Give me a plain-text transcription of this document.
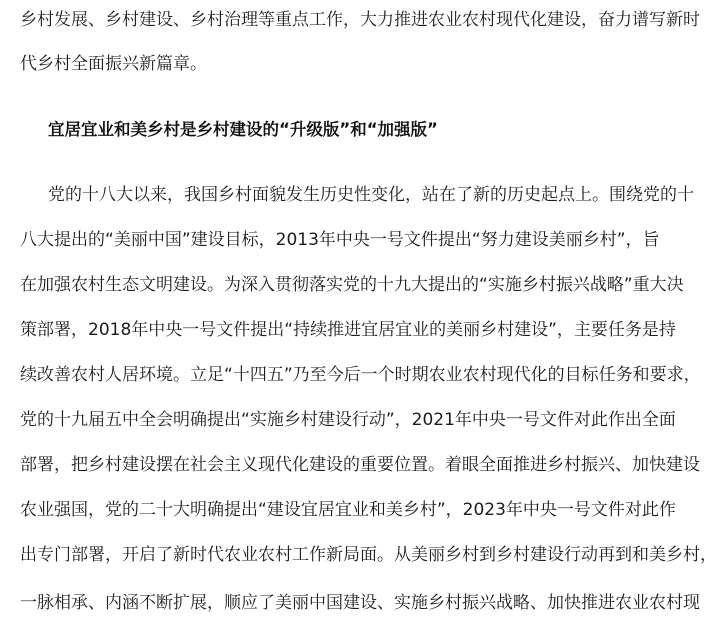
乡 村 发 展 、 乡 村 建 设 、 乡 村 治 理 等 重 点 工 作 ， 大 力 推 进 农 业 农 村 现 代 化 建 设 ， 奋 力 谱 写 新 时
代乡村全面振兴新篇章。
宜居宜业和美乡村是乡村建设的“升级版”和“加强版”
党 的 十 八 大 以 来 ， 我 国 乡 村 面 貌 发 生 历 史 性 变 化 ， 站 在 了 新 的 历 史 起 点 上 。 围 绕 党 的 十
八 大 提 出 的 “ 美 丽 中 国 ” 建 设 目 标 ， 2013 年 中 央 一 号 文 件 提 出 “ 努 力 建 设 美 丽 乡 村 ” ， 旨
在 加 强 农 村 生 态 文 明 建 设 。 为 深 入 贯 彻 落 实 党 的 十 九 大 提 出 的 “ 实 施 乡 村 振 兴 战 略 ” 重 大 决
策 部 署 ， 2018 年 中 央 一 号 文 件 提 出 “ 持 续 推 进 宜 居 宜 业 的 美 丽 乡 村 建 设 ” ， 主 要 任 务 是 持
续 改 善 农 村 人 居 环 境 。 立 足 “ 十 四 五 ” 乃 至 今 后 一 个 时 期 农 业 农 村 现 代 化 的 目 标 任 务 和 要 求 ，
党 的 十 九 届 五 中 全 会 明 确 提 出 “ 实 施 乡 村 建 设 行 动 ” ， 2021 年 中 央 一 号 文 件 对 此 作 出 全 面
部 署 ， 把 乡 村 建 设 摆 在 社 会 主 义 现 代 化 建 设 的 重 要 位 置 。 着 眼 全 面 推 进 乡 村 振 兴 、 加 快 建 设
农 业 强 国 ， 党 的 二 十 大 明 确 提 出 “ 建 设 宜 居 宜 业 和 美 乡 村 ” ， 2023 年 中 央 一 号 文 件 对 此 作
出 专 门 部 署 ， 开 启 了 新 时 代 农 业 农 村 工 作 新 局 面 。 从 美 丽 乡 村 到 乡 村 建 设 行 动 再 到 和 美 乡 村 ，
一 脉 相 承 、 内 涵 不 断 扩 展 ， 顺 应 了 美 丽 中 国 建 设 、 实 施 乡 村 振 兴 战 略 、 加 快 推 进 农 业 农 村 现
